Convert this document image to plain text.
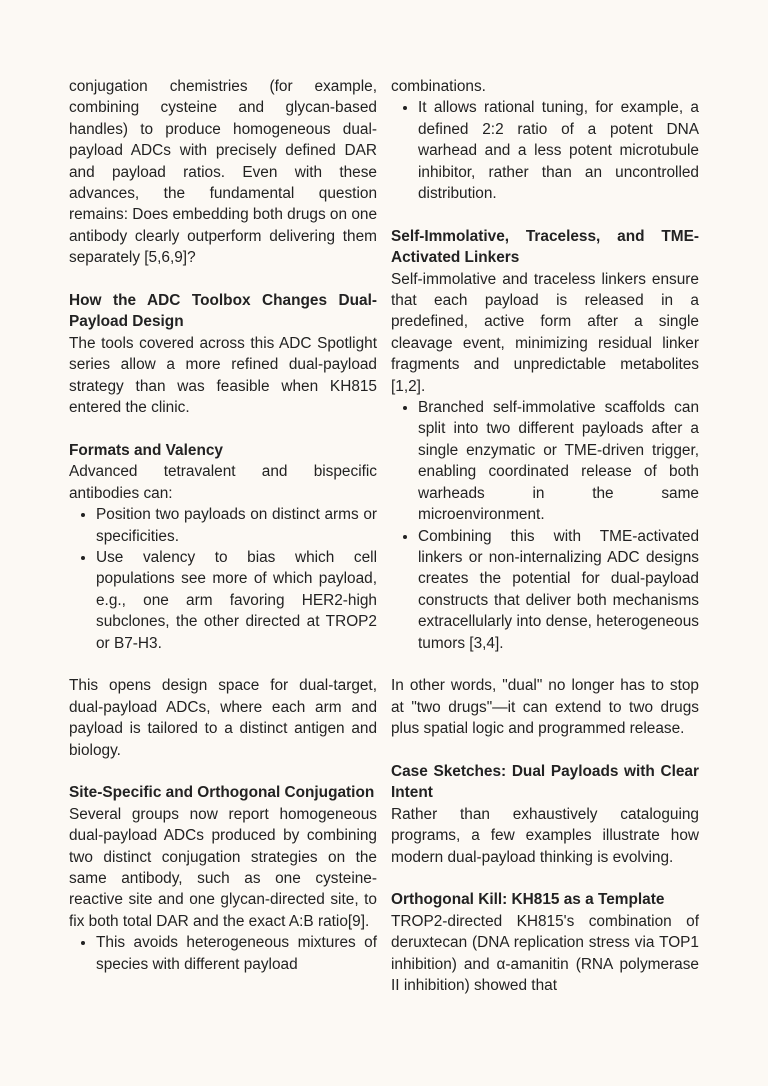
conjugation chemistries (for example, combining cysteine and glycan-based handles) to produce homogeneous dual-payload ADCs with precisely defined DAR and payload ratios. Even with these advances, the fundamental question remains: Does embedding both drugs on one antibody clearly outperform delivering them separately [5,6,9]?

How the ADC Toolbox Changes Dual-Payload Design

The tools covered across this ADC Spotlight series allow a more refined dual-payload strategy than was feasible when KH815 entered the clinic.

Formats and Valency

Advanced tetravalent and bispecific antibodies can:

• Position two payloads on distinct arms or specificities.
• Use valency to bias which cell populations see more of which payload, e.g., one arm favoring HER2-high subclones, the other directed at TROP2 or B7-H3.

This opens design space for dual-target, dual-payload ADCs, where each arm and payload is tailored to a distinct antigen and biology.

Site-Specific and Orthogonal Conjugation

Several groups now report homogeneous dual-payload ADCs produced by combining two distinct conjugation strategies on the same antibody, such as one cysteine-reactive site and one glycan-directed site, to fix both total DAR and the exact A:B ratio[9].

• This avoids heterogeneous mixtures of species with different payload

combinations.

• It allows rational tuning, for example, a defined 2:2 ratio of a potent DNA warhead and a less potent microtubule inhibitor, rather than an uncontrolled distribution.
Self-Immolative, Traceless, and TME-Activated Linkers

Self-immolative and traceless linkers ensure that each payload is released in a predefined, active form after a single cleavage event, minimizing residual linker fragments and unpredictable metabolites [1,2].

• Branched self-immolative scaffolds can split into two different payloads after a single enzymatic or TME-driven trigger, enabling coordinated release of both warheads in the same microenvironment.
• Combining this with TME-activated linkers or non-internalizing ADC designs creates the potential for dual-payload constructs that deliver both mechanisms extracellularly into dense, heterogeneous tumors [3,4].

In other words, "dual" no longer has to stop at "two drugs"—it can extend to two drugs plus spatial logic and programmed release.

Case Sketches: Dual Payloads with Clear Intent

Rather than exhaustively cataloguing programs, a few examples illustrate how modern dual-payload thinking is evolving.

Orthogonal Kill: KH815 as a Template

TROP2-directed KH815's combination of deruxtecan (DNA replication stress via TOP1 inhibition) and α-amanitin (RNA polymerase II inhibition) showed that
